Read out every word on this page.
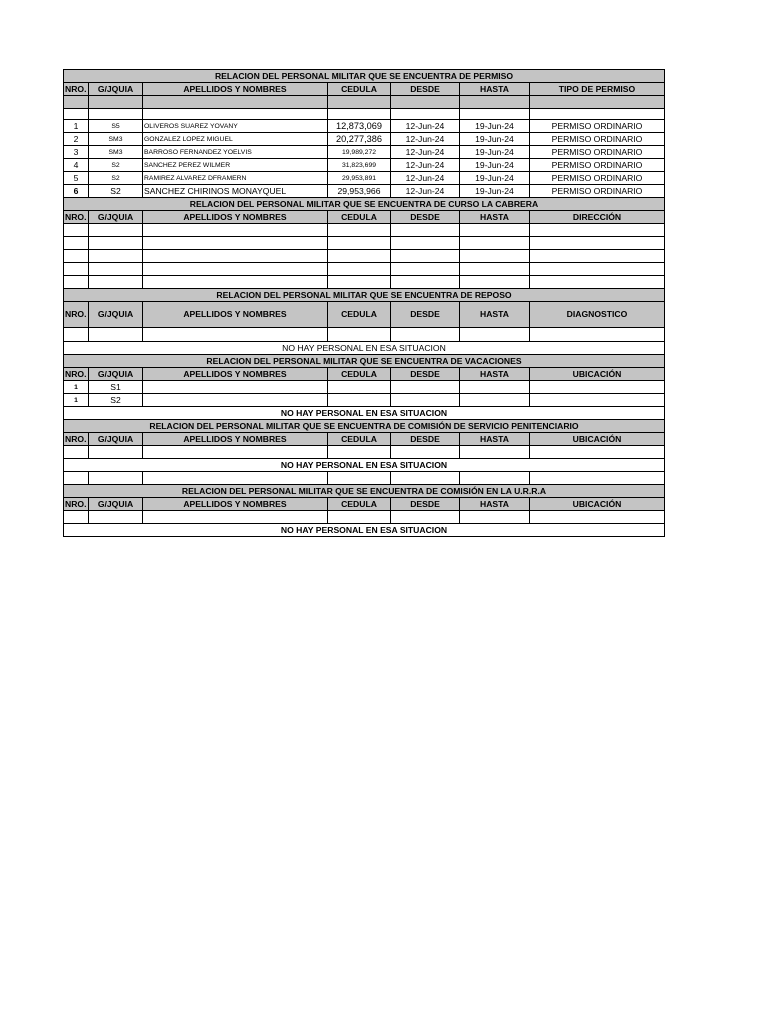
RELACION DEL PERSONAL MILITAR QUE SE ENCUENTRA DE PERMISO						
NRO.	G/JQUIA	APELLIDOS Y NOMBRES	CEDULA	DESDE	HASTA	TIPO DE PERMISO

1	S5	OLIVEROS SUAREZ YOVANY	12,873,069	12-Jun-24	19-Jun-24	PERMISO ORDINARIO
2	SM3	GONZALEZ LOPEZ MIGUEL	20,277,386	12-Jun-24	19-Jun-24	PERMISO ORDINARIO
3	SM3	BARROSO FERNANDEZ YOELVIS	19,989,272	12-Jun-24	19-Jun-24	PERMISO ORDINARIO
4	S2	SANCHEZ PEREZ WILMER	31,823,699	12-Jun-24	19-Jun-24	PERMISO ORDINARIO
5	S2	RAMIREZ ALVAREZ DFRAMERN	29,953,891	12-Jun-24	19-Jun-24	PERMISO ORDINARIO
6	S2	SANCHEZ CHIRINOS MONAYQUEL	29,953,966	12-Jun-24	19-Jun-24	PERMISO ORDINARIO
RELACION DEL PERSONAL MILITAR QUE SE ENCUENTRA DE CURSO LA CABRERA						
NRO.	G/JQUIA	APELLIDOS Y NOMBRES	CEDULA	DESDE	HASTA	DIRECCIÓN

RELACION DEL PERSONAL MILITAR QUE SE ENCUENTRA DE REPOSO						
NRO.	G/JQUIA	APELLIDOS Y NOMBRES	CEDULA	DESDE	HASTA	DIAGNOSTICO

NO HAY PERSONAL EN ESA SITUACION						
RELACION DEL PERSONAL MILITAR QUE SE ENCUENTRA DE VACACIONES						
NRO.	G/JQUIA	APELLIDOS Y NOMBRES	CEDULA	DESDE	HASTA	UBICACIÓN
1	S1					
1	S2					
NO HAY PERSONAL EN ESA SITUACION						
RELACION DEL PERSONAL MILITAR QUE SE ENCUENTRA DE COMISIÓN DE SERVICIO PENITENCIARIO						
NRO.	G/JQUIA	APELLIDOS Y NOMBRES	CEDULA	DESDE	HASTA	UBICACIÓN

NO HAY PERSONAL EN ESA SITUACION						

RELACION DEL PERSONAL MILITAR QUE SE ENCUENTRA DE COMISIÓN EN LA U.R.R.A						
NRO.	G/JQUIA	APELLIDOS Y NOMBRES	CEDULA	DESDE	HASTA	UBICACIÓN

NO HAY PERSONAL EN ESA SITUACION						
